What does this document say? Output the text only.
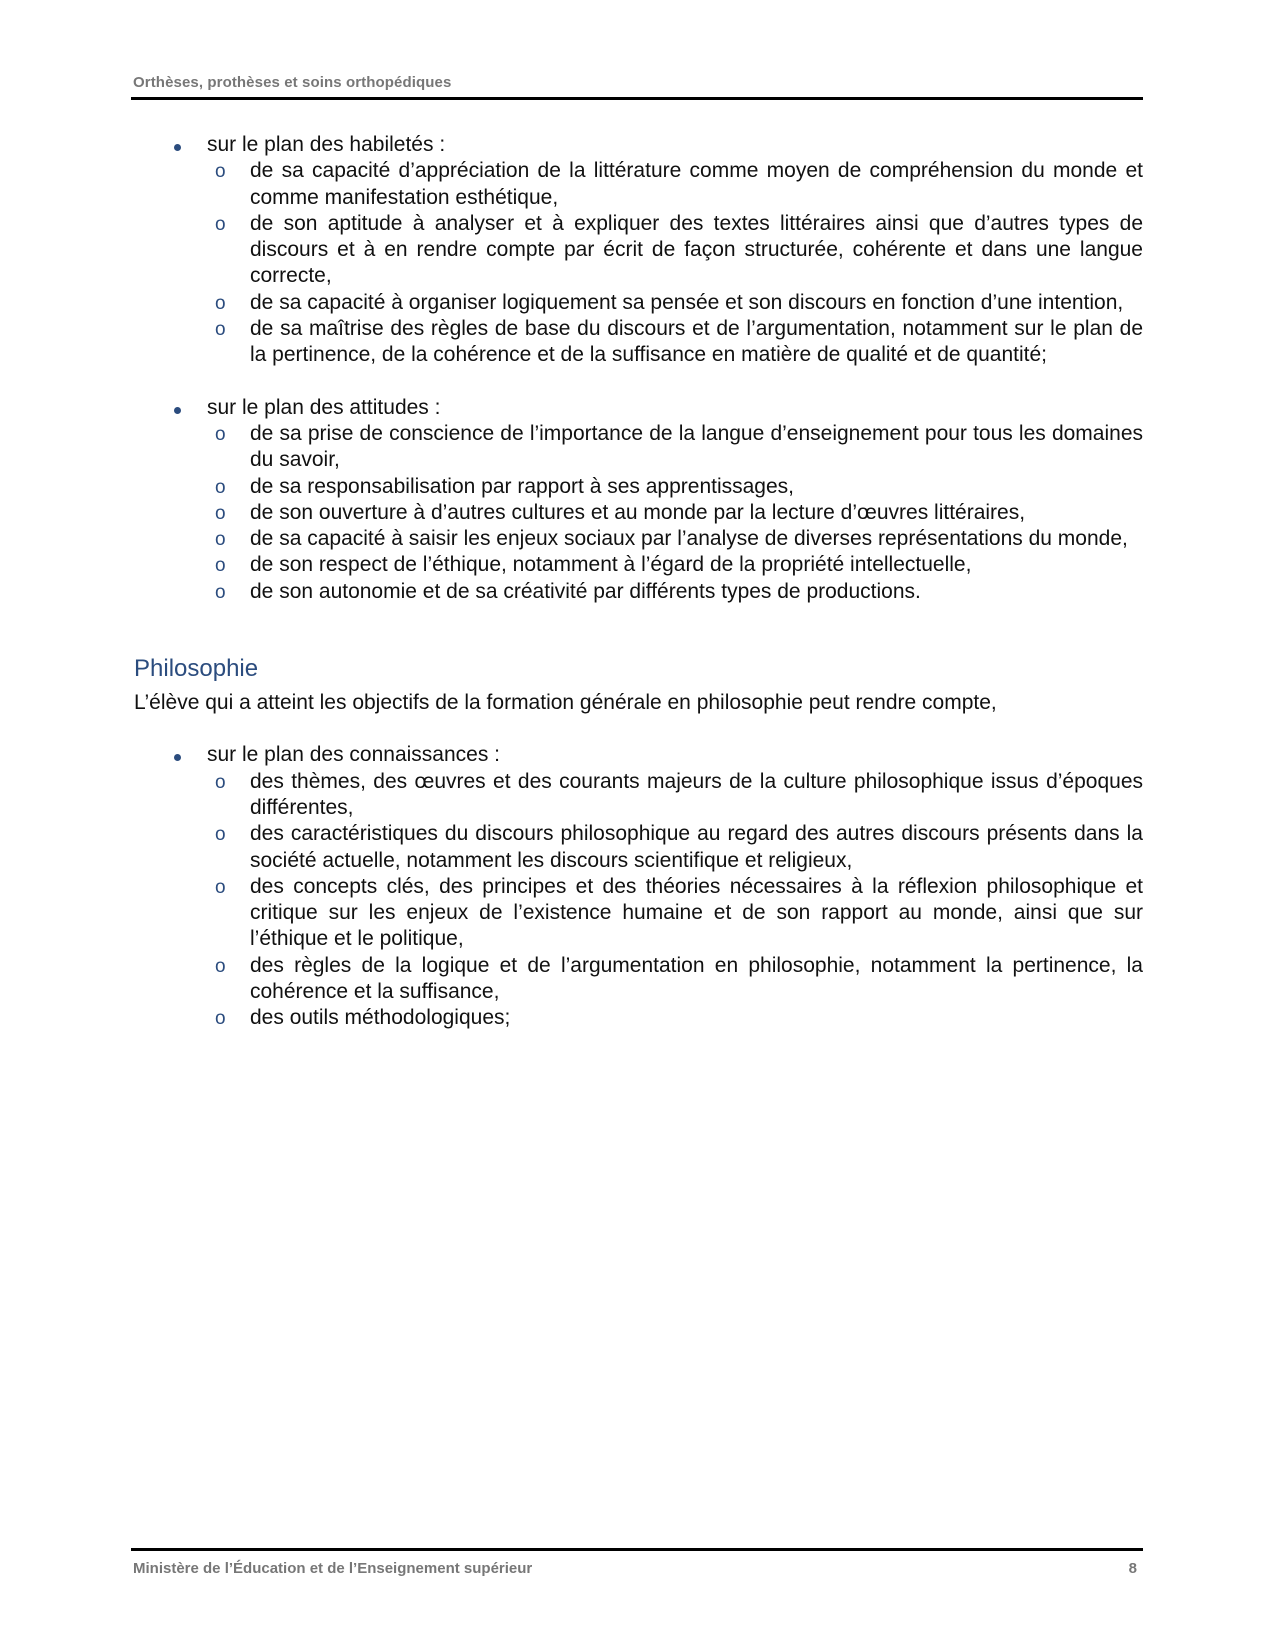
Orthèses, prothèses et soins orthopédiques
sur le plan des habiletés :
o de sa capacité d’appréciation de la littérature comme moyen de compréhension du monde et comme manifestation esthétique,
o de son aptitude à analyser et à expliquer des textes littéraires ainsi que d’autres types de discours et à en rendre compte par écrit de façon structurée, cohérente et dans une langue correcte,
o de sa capacité à organiser logiquement sa pensée et son discours en fonction d’une intention,
o de sa maîtrise des règles de base du discours et de l’argumentation, notamment sur le plan de la pertinence, de la cohérence et de la suffisance en matière de qualité et de quantité;
sur le plan des attitudes :
o de sa prise de conscience de l’importance de la langue d’enseignement pour tous les domaines du savoir,
o de sa responsabilisation par rapport à ses apprentissages,
o de son ouverture à d’autres cultures et au monde par la lecture d’œuvres littéraires,
o de sa capacité à saisir les enjeux sociaux par l’analyse de diverses représentations du monde,
o de son respect de l’éthique, notamment à l’égard de la propriété intellectuelle,
o de son autonomie et de sa créativité par différents types de productions.
Philosophie

L’élève qui a atteint les objectifs de la formation générale en philosophie peut rendre compte,

sur le plan des connaissances :
o des thèmes, des œuvres et des courants majeurs de la culture philosophique issus d’époques différentes,
o des caractéristiques du discours philosophique au regard des autres discours présents dans la société actuelle, notamment les discours scientifique et religieux,
o des concepts clés, des principes et des théories nécessaires à la réflexion philosophique et critique sur les enjeux de l’existence humaine et de son rapport au monde, ainsi que sur l’éthique et le politique,
o des règles de la logique et de l’argumentation en philosophie, notamment la pertinence, la cohérence et la suffisance,
o des outils méthodologiques;
Ministère de l’Éducation et de l’Enseignement supérieur	8
